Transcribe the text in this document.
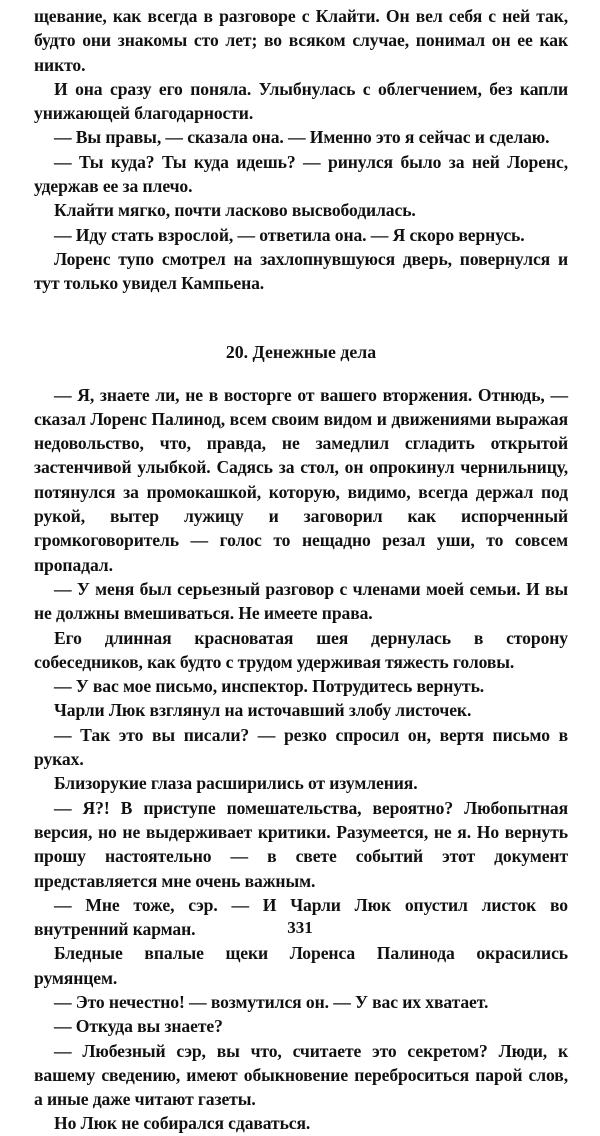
щевание, как всегда в разговоре с Клайти. Он вел себя с ней так, будто они знакомы сто лет; во всяком случае, понимал он ее как никто.

И она сразу его поняла. Улыбнулась с облегчением, без капли унижающей благодарности.

— Вы правы, — сказала она. — Именно это я сейчас и сделаю.

— Ты куда? Ты куда идешь? — ринулся было за ней Лоренс, удержав ее за плечо.

Клайти мягко, почти ласково высвободилась.

— Иду стать взрослой, — ответила она. — Я скоро вернусь.

Лоренс тупо смотрел на захлопнувшуюся дверь, повернулся и тут только увидел Кампьена.

20. Денежные дела

— Я, знаете ли, не в восторге от вашего вторжения. Отнюдь, — сказал Лоренс Палинод, всем своим видом и движениями выражая недовольство, что, правда, не замедлил сгладить открытой застенчивой улыбкой. Садясь за стол, он опрокинул чернильницу, потянулся за промокашкой, которую, видимо, всегда держал под рукой, вытер лужицу и заговорил как испорченный громкоговоритель — голос то нещадно резал уши, то совсем пропадал.

— У меня был серьезный разговор с членами моей семьи. И вы не должны вмешиваться. Не имеете права.

Его длинная красноватая шея дернулась в сторону собеседников, как будто с трудом удерживая тяжесть головы.

— У вас мое письмо, инспектор. Потрудитесь вернуть.

Чарли Люк взглянул на источавший злобу листочек.

— Так это вы писали? — резко спросил он, вертя письмо в руках.

Близорукие глаза расширились от изумления.

— Я?! В приступе помешательства, вероятно? Любопытная версия, но не выдерживает критики. Разумеется, не я. Но вернуть прошу настоятельно — в свете событий этот документ представляется мне очень важным.

— Мне тоже, сэр. — И Чарли Люк опустил листок во внутренний карман.

Бледные впалые щеки Лоренса Палинода окрасились румянцем.

— Это нечестно! — возмутился он. — У вас их хватает.

— Откуда вы знаете?

— Любезный сэр, вы что, считаете это секретом? Люди, к вашему сведению, имеют обыкновение переброситься парой слов, а иные даже читают газеты.

Но Люк не собирался сдаваться.

331
